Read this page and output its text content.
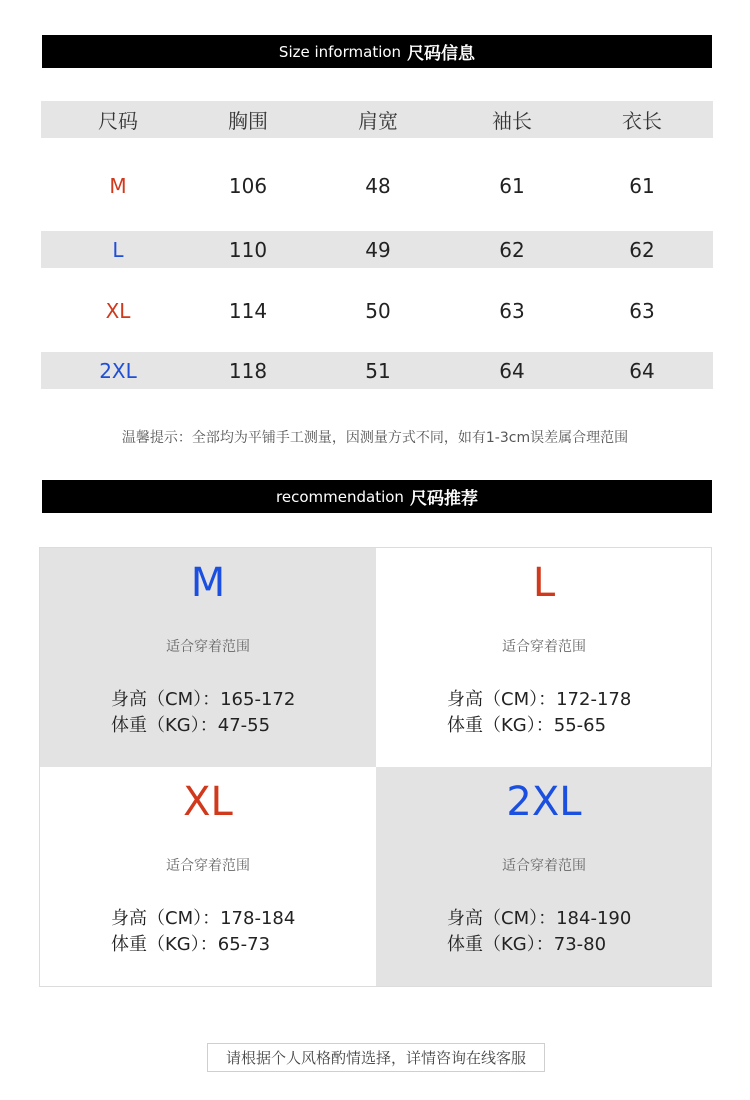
Size information 尺码信息
尺码	胸围	肩宽	袖长	衣长
M	106	48	61	61
L	110	49	62	62
XL	114	50	63	63
2XL	118	51	64	64
温馨提示：全部均为平铺手工测量，因测量方式不同，如有1-3cm误差属合理范围
recommendation 尺码推荐
M
适合穿着范围
身高（CM）：165-172
体重（KG）：47-55
L
适合穿着范围
身高（CM）：172-178
体重（KG）：55-65
XL
适合穿着范围
身高（CM）：178-184
体重（KG）：65-73
2XL
适合穿着范围
身高（CM）：184-190
体重（KG）：73-80
请根据个人风格酌情选择，详情咨询在线客服
